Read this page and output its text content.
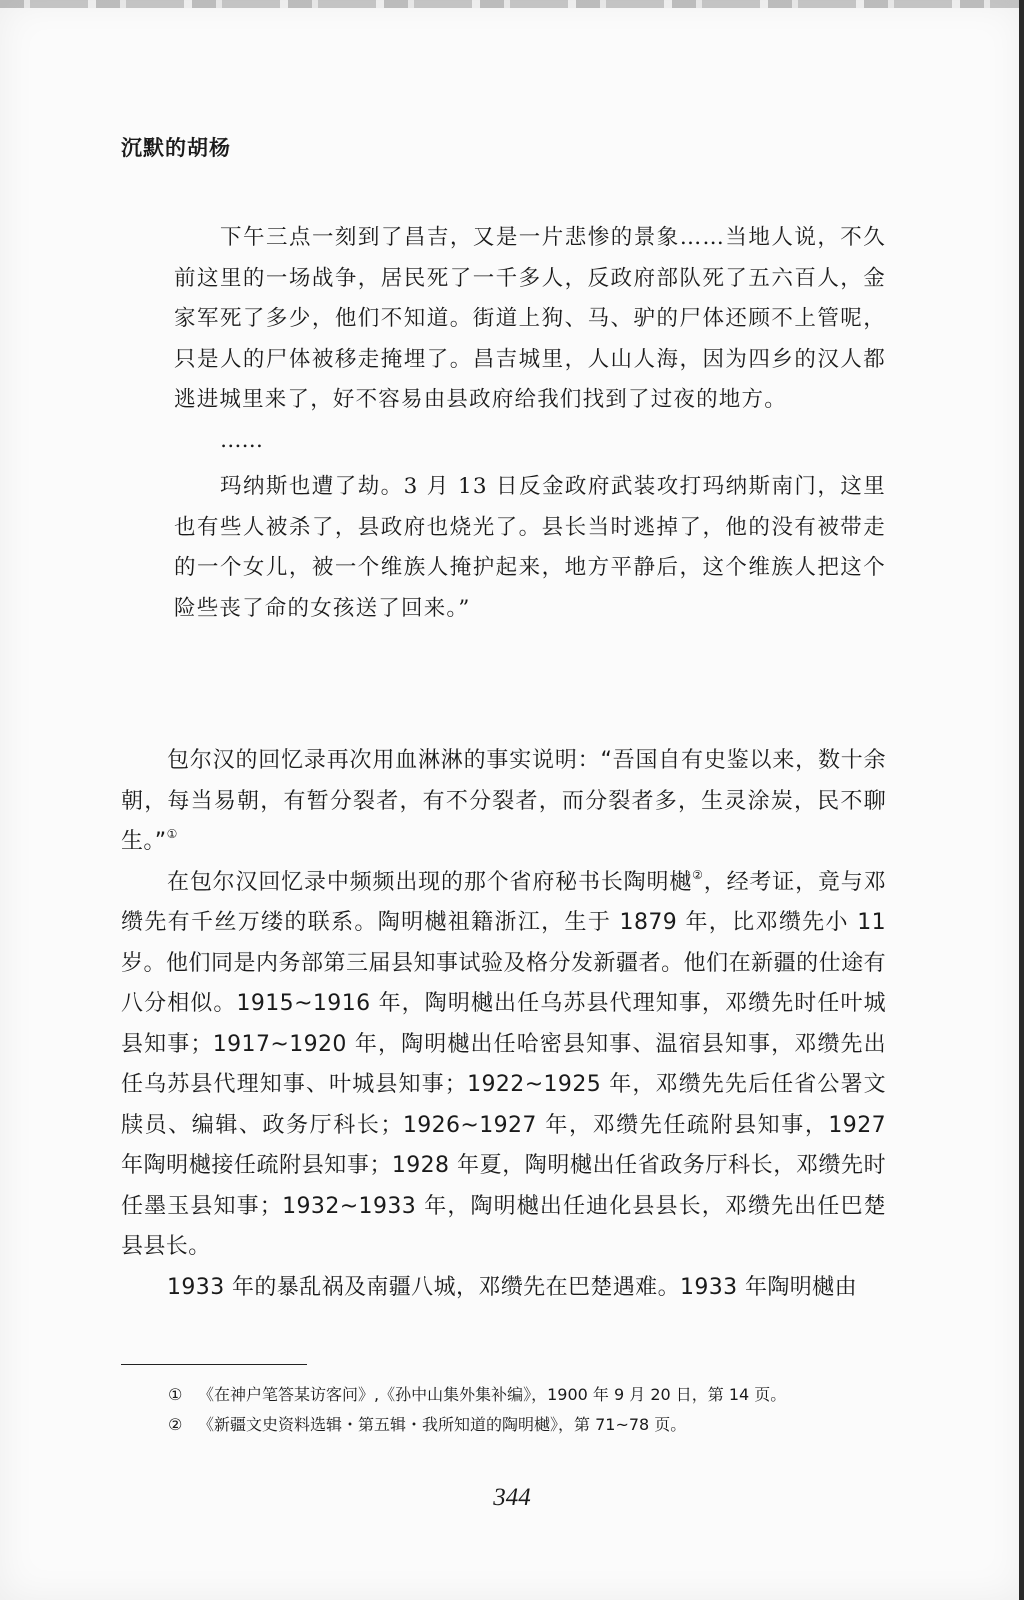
沉默的胡杨

下午三点一刻到了昌吉，又是一片悲惨的景象……当地人说，不久前这里的一场战争，居民死了一千多人，反政府部队死了五六百人，金家军死了多少，他们不知道。街道上狗、马、驴的尸体还顾不上管呢，只是人的尸体被移走掩埋了。昌吉城里，人山人海，因为四乡的汉人都逃进城里来了，好不容易由县政府给我们找到了过夜的地方。

……

玛纳斯也遭了劫。3 月 13 日反金政府武装攻打玛纳斯南门，这里也有些人被杀了，县政府也烧光了。县长当时逃掉了，他的没有被带走的一个女儿，被一个维族人掩护起来，地方平静后，这个维族人把这个险些丧了命的女孩送了回来。”

包尔汉的回忆录再次用血淋淋的事实说明：“吾国自有史鉴以来，数十余朝，每当易朝，有暂分裂者，有不分裂者，而分裂者多，生灵涂炭，民不聊生。”①

在包尔汉回忆录中频频出现的那个省府秘书长陶明樾②，经考证，竟与邓缵先有千丝万缕的联系。陶明樾祖籍浙江，生于 1879 年，比邓缵先小 11 岁。他们同是内务部第三届县知事试验及格分发新疆者。他们在新疆的仕途有八分相似。1915~1916 年，陶明樾出任乌苏县代理知事，邓缵先时任叶城县知事；1917~1920 年，陶明樾出任哈密县知事、温宿县知事，邓缵先出任乌苏县代理知事、叶城县知事；1922~1925 年，邓缵先先后任省公署文牍员、编辑、政务厅科长；1926~1927 年，邓缵先任疏附县知事，1927 年陶明樾接任疏附县知事；1928 年夏，陶明樾出任省政务厅科长，邓缵先时任墨玉县知事；1932~1933 年，陶明樾出任迪化县县长，邓缵先出任巴楚县县长。

1933 年的暴乱祸及南疆八城，邓缵先在巴楚遇难。1933 年陶明樾由

① 《在神户笔答某访客问》,《孙中山集外集补编》，1900 年 9 月 20 日，第 14 页。
② 《新疆文史资料选辑・第五辑・我所知道的陶明樾》，第 71~78 页。
344
